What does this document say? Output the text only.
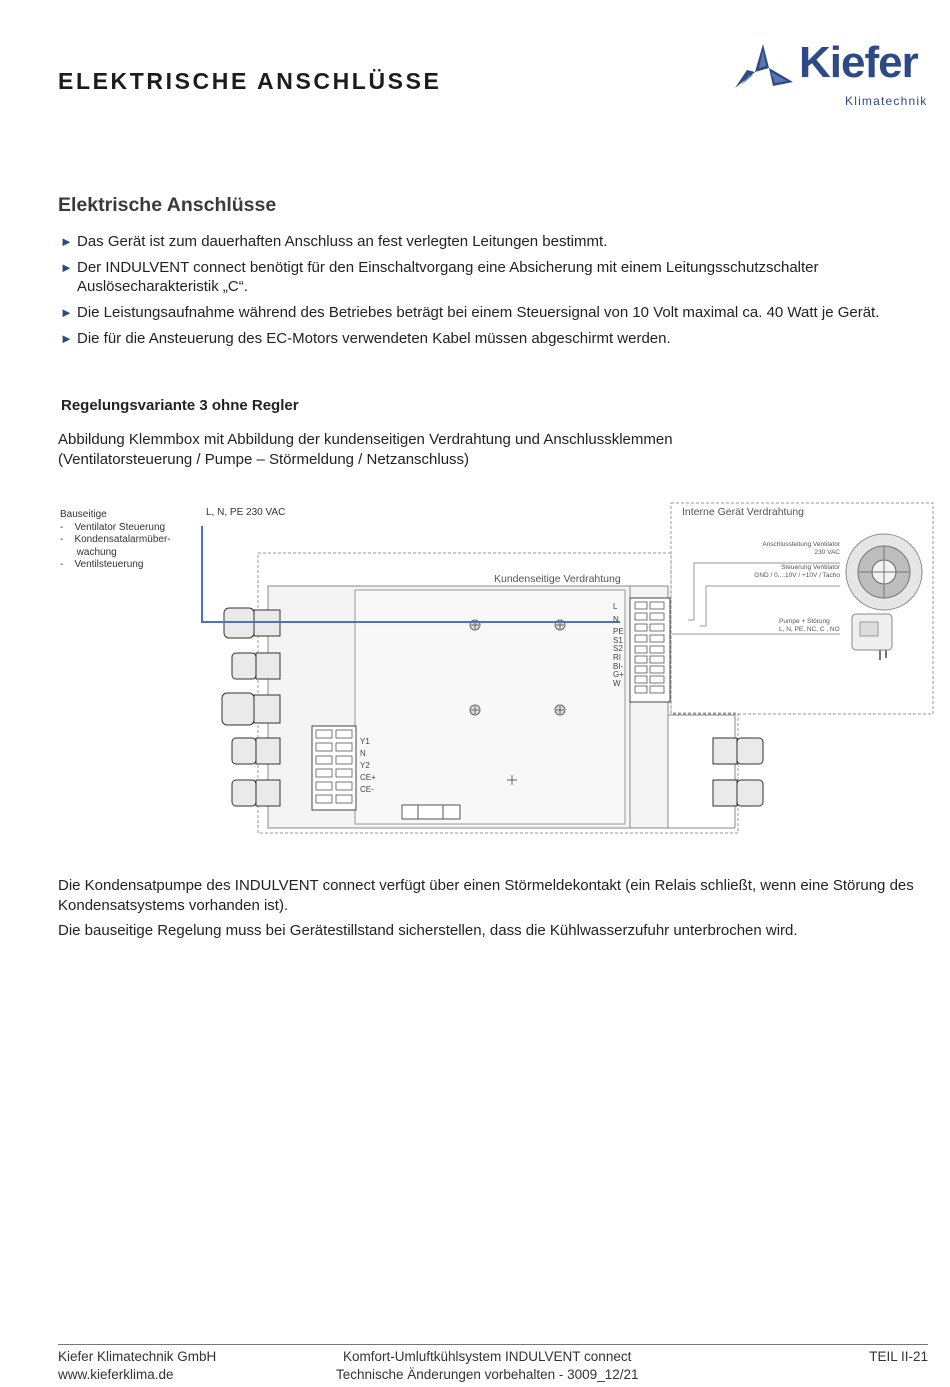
ELEKTRISCHE ANSCHLÜSSE	Kiefer
Klimatechnik
Elektrische Anschlüsse
► Das Gerät ist zum dauerhaften Anschluss an fest verlegten Leitungen bestimmt.
► Der INDULVENT connect benötigt für den Einschaltvorgang eine Absicherung mit einem Leitungsschutzschalter Auslösecharakteristik „C“.
► Die Leistungsaufnahme während des Betriebes beträgt bei einem Steuersignal von 10 Volt maximal ca. 40 Watt je Gerät.
► Die für die Ansteuerung des EC-Motors verwendeten Kabel müssen abgeschirmt werden.
Regelungsvariante 3 ohne Regler
Abbildung Klemmbox mit Abbildung der kundenseitigen Verdrahtung und Anschlussklemmen
(Ventilatorsteuerung / Pumpe – Störmeldung / Netzanschluss)
Bauseitige
-    Ventilator Steuerung
-    Kondensatalarmüber-
wachung
-    Ventilsteuerung
L, N, PE 230 VAC	Interne Gerät Verdrahtung
Kundenseitige Verdrahtung
Anschlussleitung Ventilator
230 VAC
Steuerung Ventilator
GND / 0....10V / +10V / Tacho
Pumpe + Störung
L, N, PE, NC, C , NO
L
N
PE
S1
S2
RI
BI-
G+
W
Y1
N
Y2
CE+
CE-
Die Kondensatpumpe des INDULVENT connect verfügt über einen Störmeldekontakt (ein Relais schließt, wenn eine Störung des Kondensatsystems vorhanden ist).
Die bauseitige Regelung muss bei Gerätestillstand sicherstellen, dass die Kühlwasserzufuhr unterbrochen wird.
Kiefer Klimatechnik GmbH
www.kieferklima.de
Komfort-Umluftkühlsystem INDULVENT connect
Technische Änderungen vorbehalten - 3009_12/21
TEIL II-21
